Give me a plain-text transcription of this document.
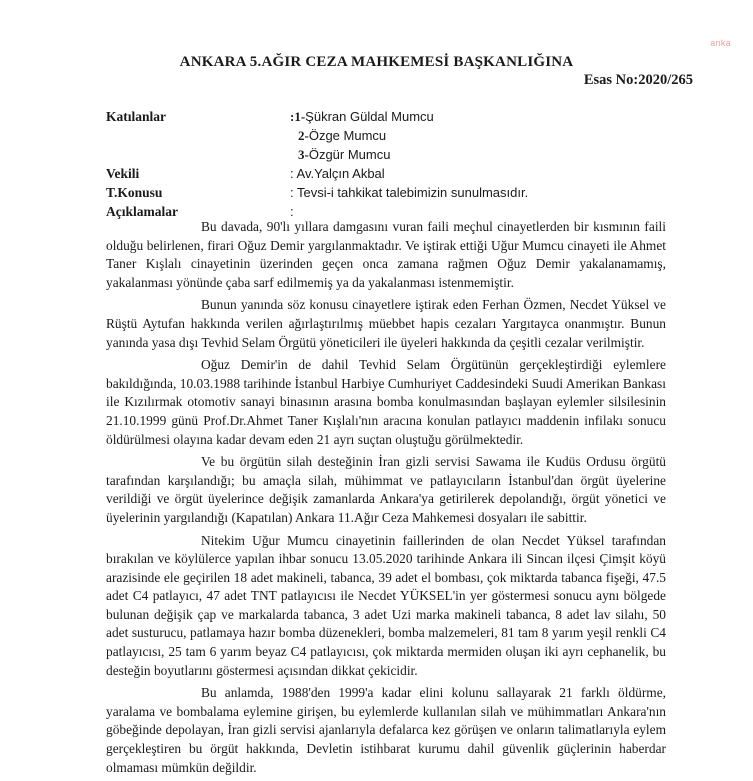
anka
ANKARA 5.AĞIR CEZA MAHKEMESİ BAŞKANLIĞINA
Esas No:2020/265
Katılanlar	:1-Şükran Güldal Mumcu
2-Özge Mumcu
3-Özgür Mumcu
Vekili	: Av.Yalçın Akbal
T.Konusu	: Tevsi-i tahkikat talebimizin sunulmasıdır.
Açıklamalar	:

Bu davada, 90'lı yıllara damgasını vuran faili meçhul cinayetlerden bir kısmının faili olduğu belirlenen, firari Oğuz Demir yargılanmaktadır. Ve iştirak ettiği Uğur Mumcu cinayeti ile Ahmet Taner Kışlalı cinayetinin üzerinden geçen onca zamana rağmen Oğuz Demir yakalanamamış, yakalanması yönünde çaba sarf edilmemiş ya da yakalanması istenmemiştir.

Bunun yanında söz konusu cinayetlere iştirak eden Ferhan Özmen, Necdet Yüksel ve Rüştü Aytufan hakkında verilen ağırlaştırılmış müebbet hapis cezaları Yargıtayca onanmıştır. Bunun yanında yasa dışı Tevhid Selam Örgütü yöneticileri ile üyeleri hakkında da çeşitli cezalar verilmiştir.

Oğuz Demir'in de dahil Tevhid Selam Örgütünün gerçekleştirdiği eylemlere bakıldığında, 10.03.1988 tarihinde İstanbul Harbiye Cumhuriyet Caddesindeki Suudi Amerikan Bankası ile Kızılırmak otomotiv sanayi binasının arasına bomba konulmasından başlayan eylemler silsilesinin 21.10.1999 günü Prof.Dr.Ahmet Taner Kışlalı'nın aracına konulan patlayıcı maddenin infilakı sonucu öldürülmesi olayına kadar devam eden 21 ayrı suçtan oluştuğu görülmektedir.

Ve bu örgütün silah desteğinin İran gizli servisi Sawama ile Kudüs Ordusu örgütü tarafından karşılandığı; bu amaçla silah, mühimmat ve patlayıcıların İstanbul'dan örgüt üyelerine verildiği ve örgüt üyelerince değişik zamanlarda Ankara'ya getirilerek depolandığı, örgüt yönetici ve üyelerinin yargılandığı (Kapatılan) Ankara 11.Ağır Ceza Mahkemesi dosyaları ile sabittir.

Nitekim Uğur Mumcu cinayetinin faillerinden de olan Necdet Yüksel tarafından bırakılan ve köylülerce yapılan ihbar sonucu 13.05.2020 tarihinde Ankara ili Sincan ilçesi Çimşit köyü arazisinde ele geçirilen 18 adet makineli, tabanca, 39 adet el bombası, çok miktarda tabanca fişeği, 47.5 adet C4 patlayıcı, 47 adet TNT patlayıcısı ile Necdet YÜKSEL'in yer göstermesi sonucu aynı bölgede bulunan değişik çap ve markalarda tabanca, 3 adet Uzi marka makineli tabanca, 8 adet lav silahı, 50 adet susturucu, patlamaya hazır bomba düzenekleri, bomba malzemeleri, 81 tam 8 yarım yeşil renkli C4 patlayıcısı, 25 tam 6 yarım beyaz C4 patlayıcısı, çok miktarda mermiden oluşan iki ayrı cephanelik, bu desteğin boyutlarını göstermesi açısından dikkat çekicidir.

Bu anlamda, 1988'den 1999'a kadar elini kolunu sallayarak 21 farklı öldürme, yaralama ve bombalama eylemine girişen, bu eylemlerde kullanılan silah ve mühimmatları Ankara'nın göbeğinde depolayan, İran gizli servisi ajanlarıyla defalarca kez görüşen ve onların talimatlarıyla eylem gerçekleştiren bu örgüt hakkında, Devletin istihbarat kurumu dahil güvenlik güçlerinin haberdar olmaması mümkün değildir.
